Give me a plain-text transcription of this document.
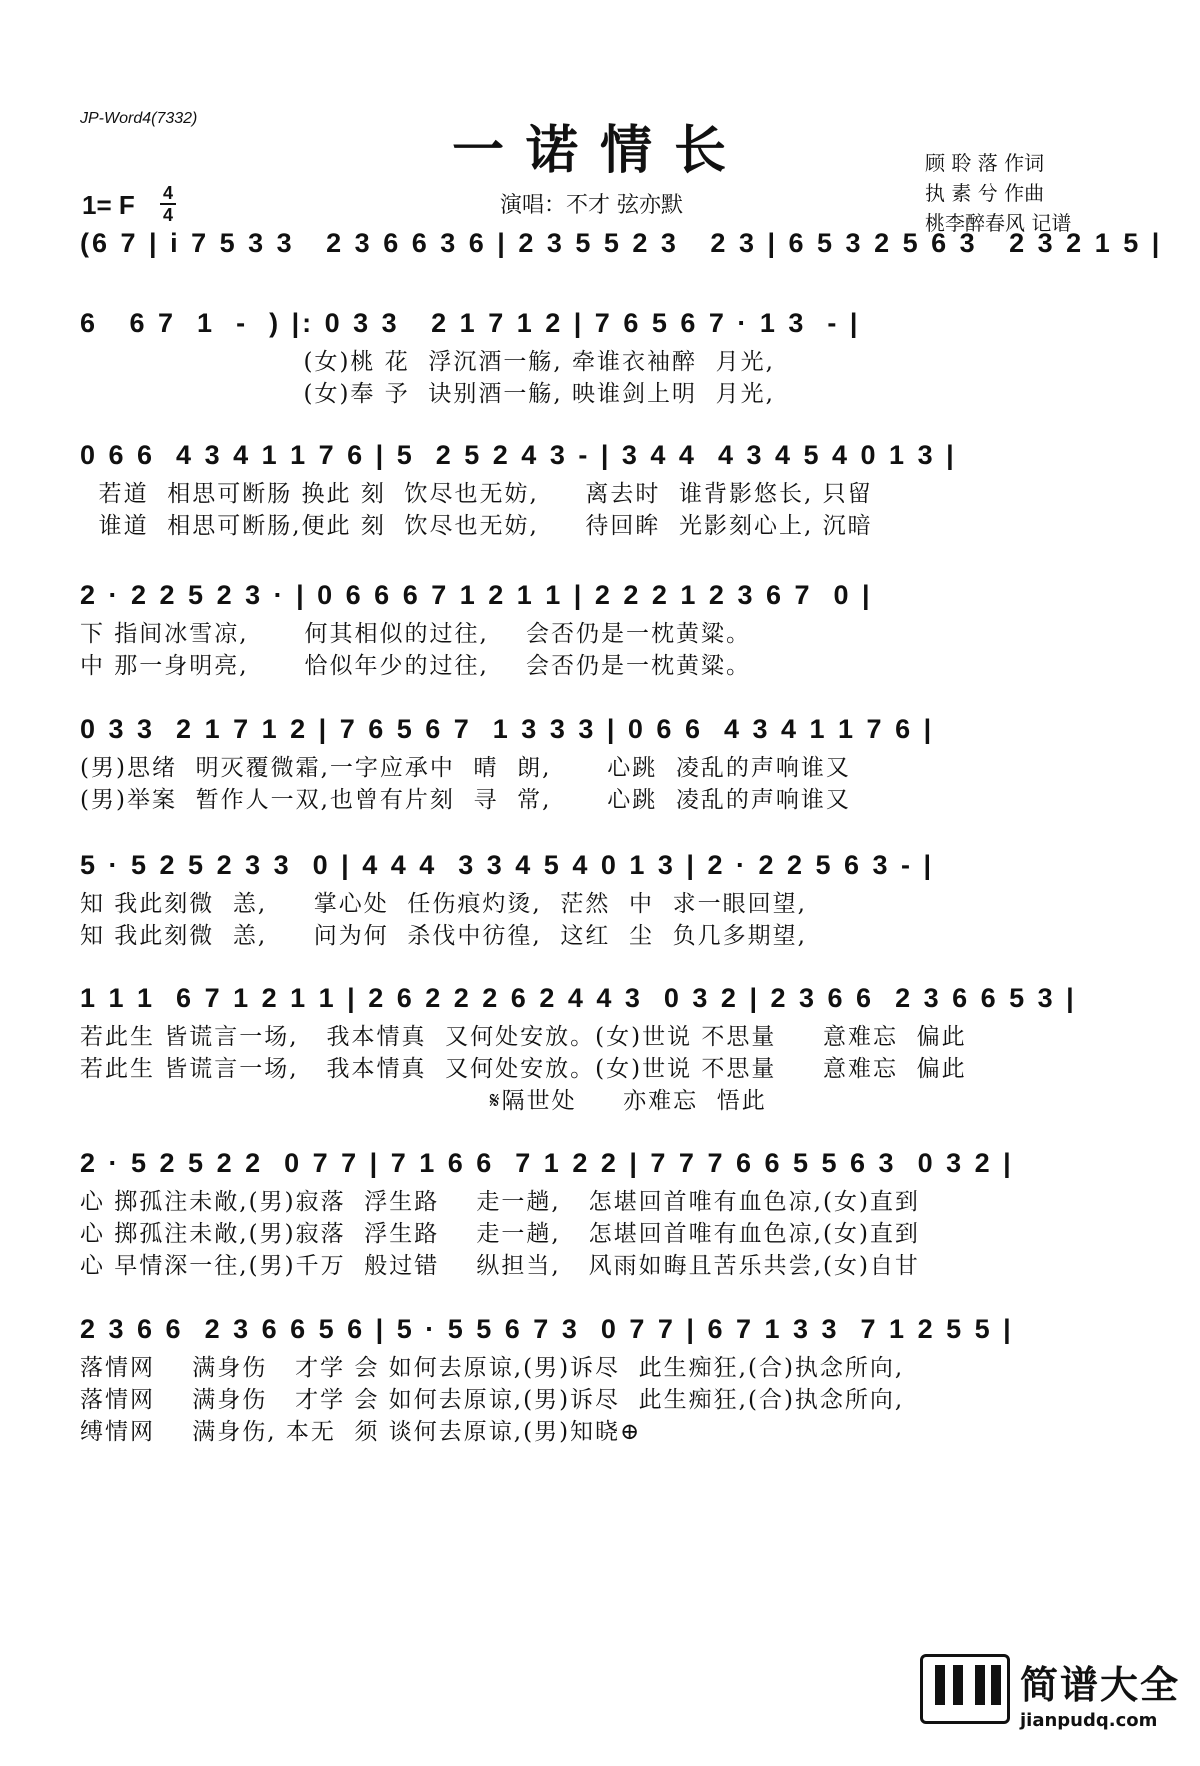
JP-Word4(7332)
一诺情长
演唱：不才 弦亦默
顾 聆 落 作词
执 素 兮 作曲
桃李醉春风 记谱
1= F 4
4
(6 7 | i 7 5 3 3   2 3 6 6 3 6 | 2 3 5 5 2 3   2 3 | 6 5 3 2 5 6 3   2 3 2 1 5 |
6   6 7  1  -  ) |: 0 3 3   2 1 7 1 2 | 7 6 5 6 7 · 1 3  - |
(女)桃 花  浮沉酒一觞, 牵谁衣袖醉  月光,
(女)奉 予  诀别酒一觞, 映谁剑上明  月光,
0 6 6  4 3 4 1 1 7 6 | 5  2 5 2 4 3 - | 3 4 4  4 3 4 5 4 0 1 3 |
若道  相思可断肠 换此 刻  饮尽也无妨,     离去时  谁背影悠长, 只留
谁道  相思可断肠,便此 刻  饮尽也无妨,     待回眸  光影刻心上, 沉暗
2 · 2 2 5 2 3 · | 0 6 6 6 7 1 2 1 1 | 2 2 2 1 2 3 6 7  0 |
下 指间冰雪凉,      何其相似的过往,    会否仍是一枕黄粱。
中 那一身明亮,      恰似年少的过往,    会否仍是一枕黄粱。
0 3 3  2 1 7 1 2 | 7 6 5 6 7  1 3 3 3 | 0 6 6  4 3 4 1 1 7 6 |
(男)思绪  明灭覆微霜,一字应承中  晴  朗,      心跳  凌乱的声响谁又
(男)举案  暂作人一双,也曾有片刻  寻  常,      心跳  凌乱的声响谁又
5 · 5 2 5 2 3 3  0 | 4 4 4  3 3 4 5 4 0 1 3 | 2 · 2 2 5 6 3 - |
知 我此刻微  恙,     掌心处  任伤痕灼烫,  茫然  中  求一眼回望,
知 我此刻微  恙,     问为何  杀伐中彷徨,  这红  尘  负几多期望,
1 1 1  6 7 1 2 1 1 | 2 6 2 2 2 6 2 4 4 3  0 3 2 | 2 3 6 6  2 3 6 6 5 3 |
若此生 皆谎言一场,   我本情真  又何处安放。(女)世说 不思量     意难忘  偏此
若此生 皆谎言一场,   我本情真  又何处安放。(女)世说 不思量     意难忘  偏此
𝄋隔世处     亦难忘  悟此
2 · 5 2 5 2 2  0 7 7 | 7 1 6 6  7 1 2 2 | 7 7 7 6 6 5 5 6 3  0 3 2 |
心 掷孤注未敞,(男)寂落  浮生路    走一趟,   怎堪回首唯有血色凉,(女)直到
心 掷孤注未敞,(男)寂落  浮生路    走一趟,   怎堪回首唯有血色凉,(女)直到
心 早情深一往,(男)千万  般过错    纵担当,   风雨如晦且苦乐共尝,(女)自甘
2 3 6 6  2 3 6 6 5 6 | 5 · 5 5 6 7 3  0 7 7 | 6 7 1 3 3  7 1 2 5 5 |
落情网    满身伤   才学 会 如何去原谅,(男)诉尽  此生痴狂,(合)执念所向,
落情网    满身伤   才学 会 如何去原谅,(男)诉尽  此生痴狂,(合)执念所向,
缚情网    满身伤, 本无  须 谈何去原谅,(男)知晓⊕
简谱大全
jianpudq.com
